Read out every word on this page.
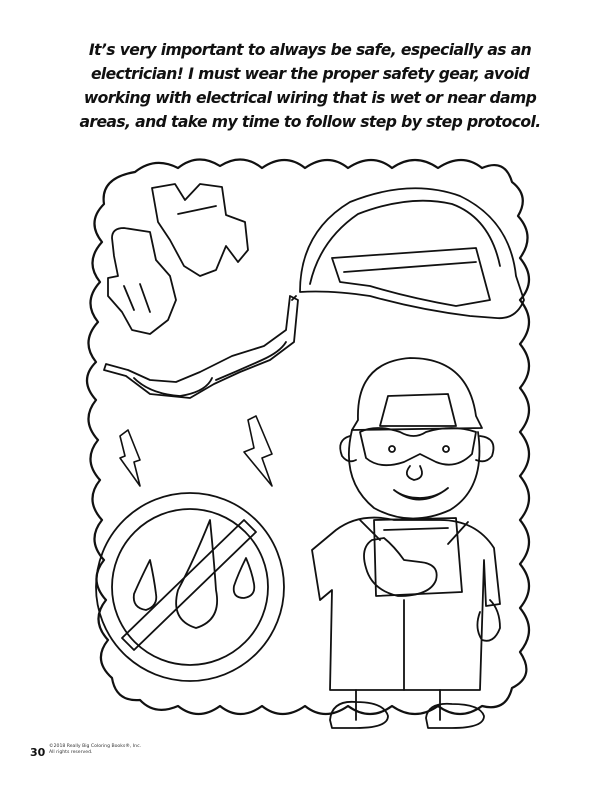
It’s very important to always be safe, especially as an
electrician! I must wear the proper safety gear, avoid
working with electrical wiring that is wet or near damp
areas, and take my time to follow step by step protocol.
30 ©2018 Really Big Coloring Books®, Inc.
All rights reserved.
